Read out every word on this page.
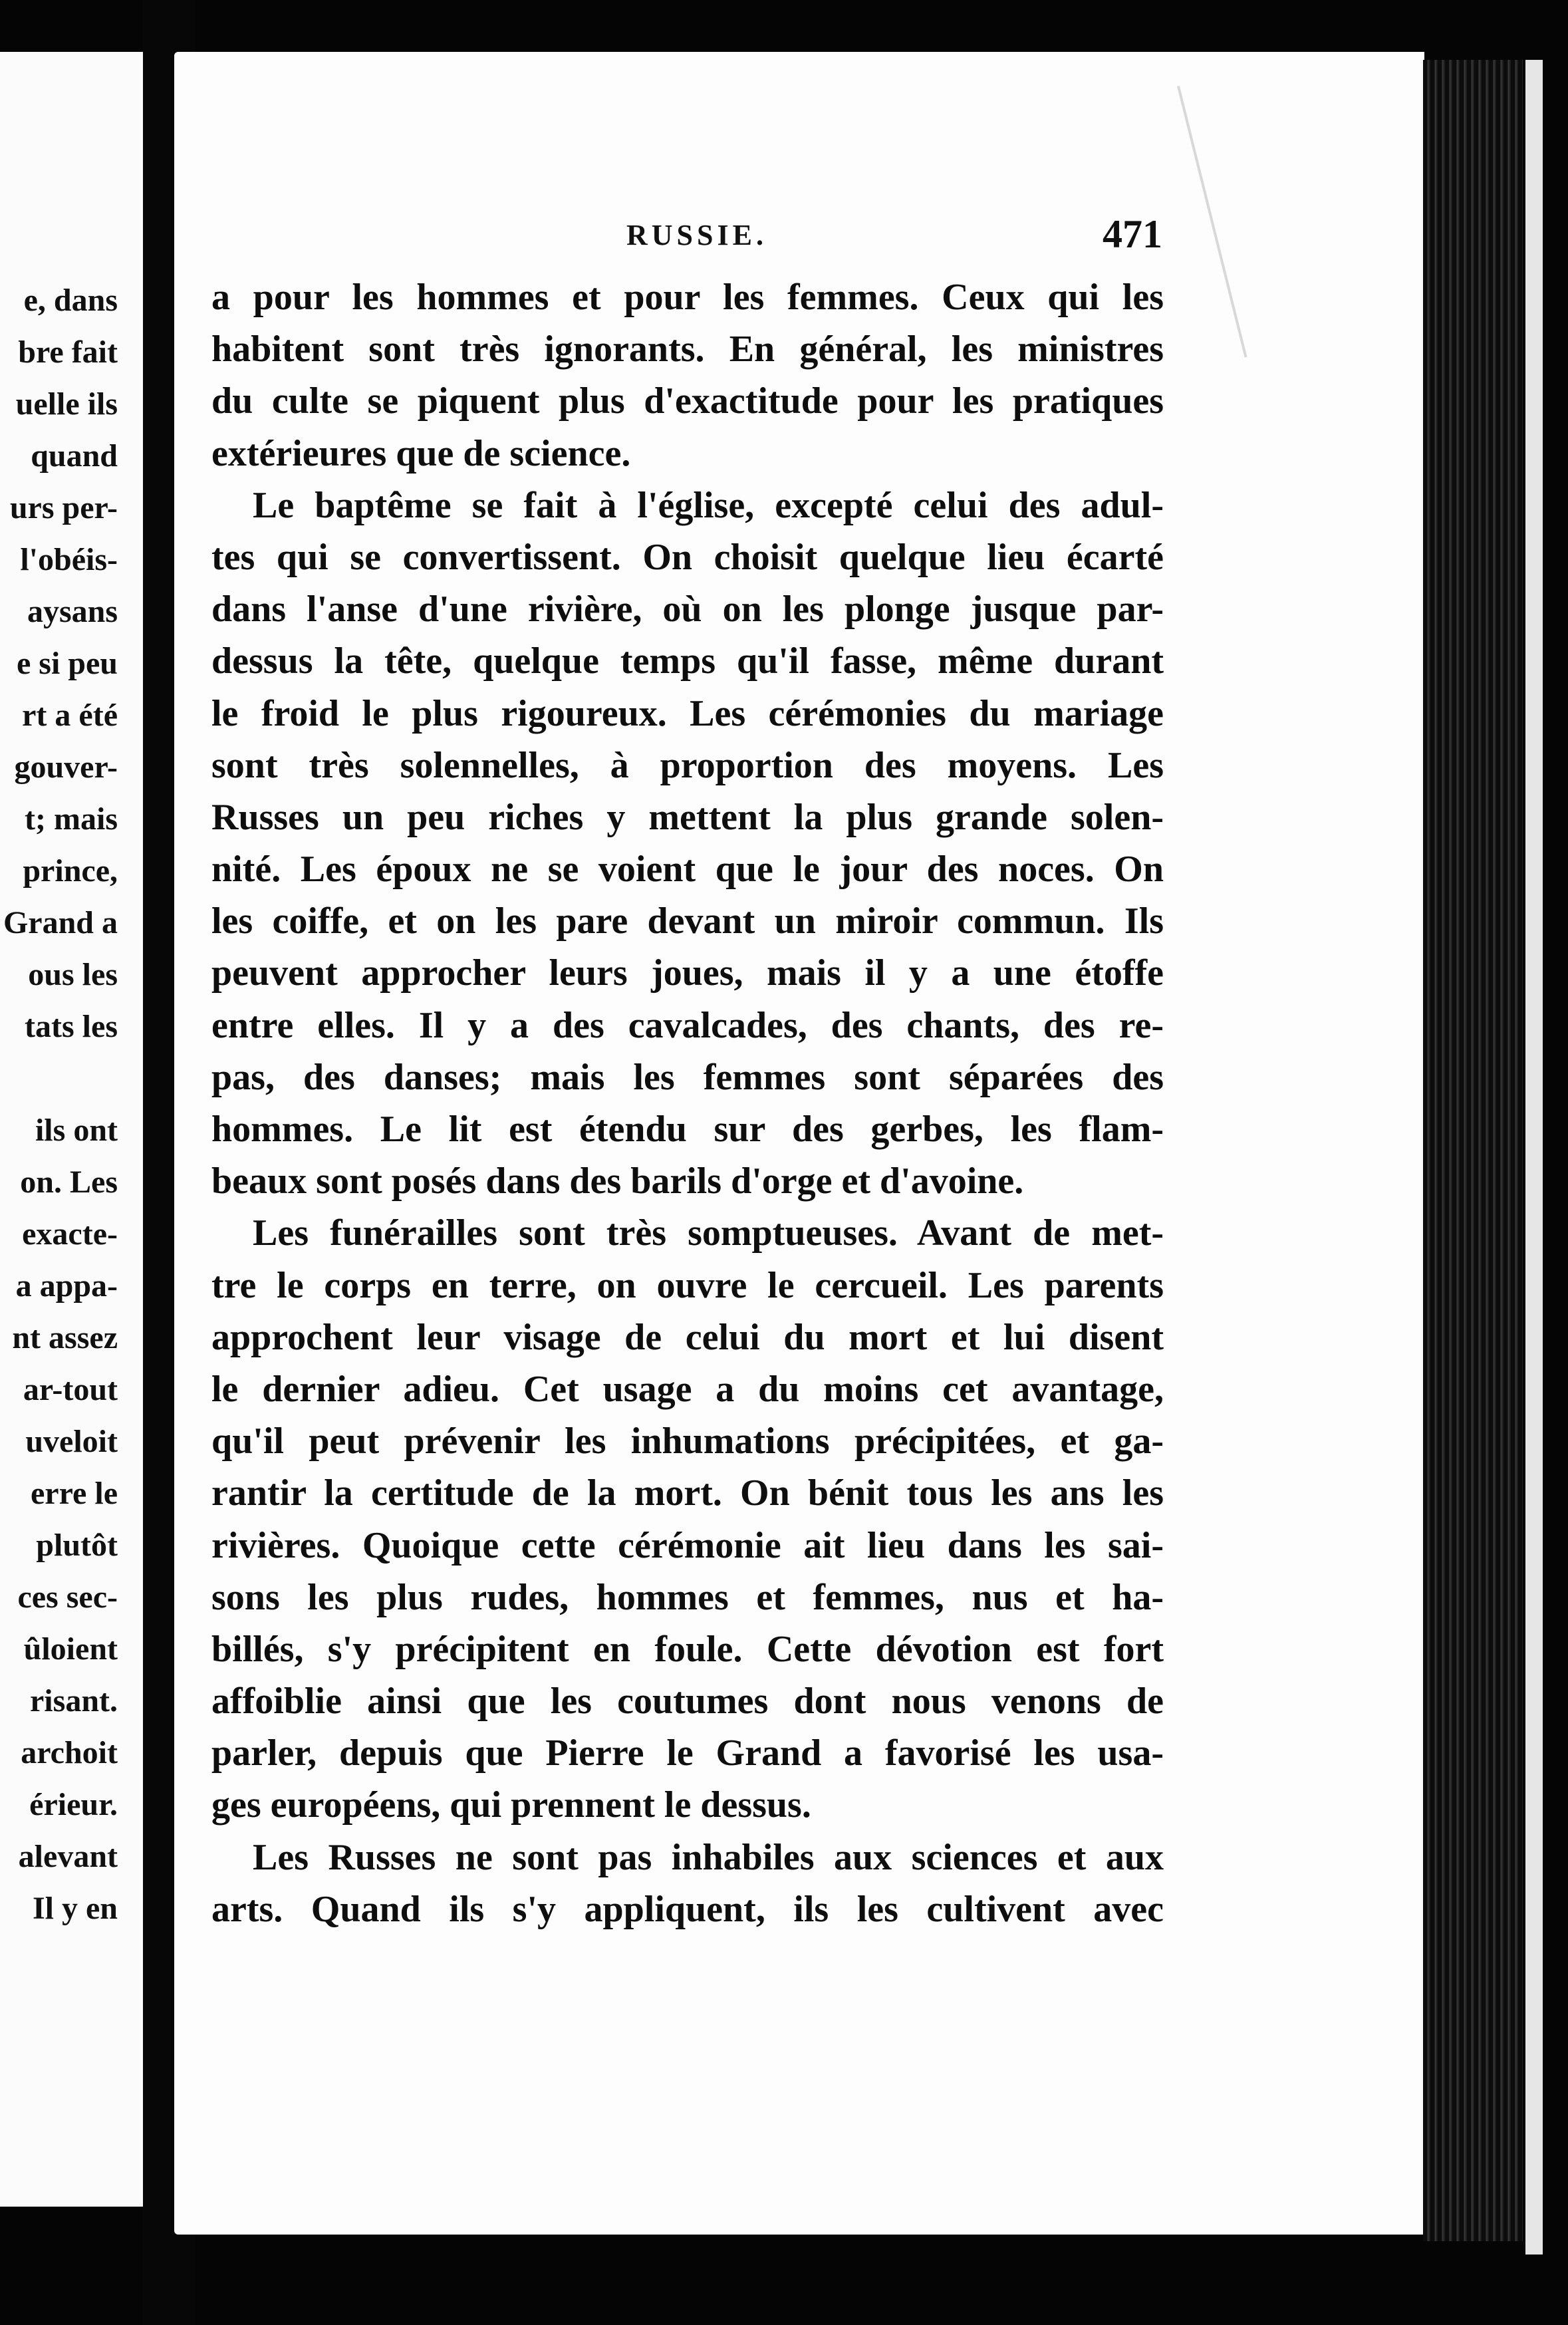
e, dans
bre fait
uelle ils
quand
urs per-
l'obéis-
aysans
e si peu
rt a été
gouver-
t; mais
prince,
Grand a
ous les
tats les
ils ont
on. Les
exacte-
a appa-
nt assez
ar-tout
uveloit
erre le
plutôt
ces sec-
ûloient
risant.
archoit
érieur.
alevant
Il y en
RUSSIE.	471
a pour les hommes et pour les femmes. Ceux qui les
habitent sont très ignorants. En général, les ministres
du culte se piquent plus d'exactitude pour les pratiques
extérieures que de science.
Le baptême se fait à l'église, excepté celui des adul-
tes qui se convertissent. On choisit quelque lieu écarté
dans l'anse d'une rivière, où on les plonge jusque par-
dessus la tête, quelque temps qu'il fasse, même durant
le froid le plus rigoureux. Les cérémonies du mariage
sont très solennelles, à proportion des moyens. Les
Russes un peu riches y mettent la plus grande solen-
nité. Les époux ne se voient que le jour des noces. On
les coiffe, et on les pare devant un miroir commun. Ils
peuvent approcher leurs joues, mais il y a une étoffe
entre elles. Il y a des cavalcades, des chants, des re-
pas, des danses; mais les femmes sont séparées des
hommes. Le lit est étendu sur des gerbes, les flam-
beaux sont posés dans des barils d'orge et d'avoine.
Les funérailles sont très somptueuses. Avant de met-
tre le corps en terre, on ouvre le cercueil. Les parents
approchent leur visage de celui du mort et lui disent
le dernier adieu. Cet usage a du moins cet avantage,
qu'il peut prévenir les inhumations précipitées, et ga-
rantir la certitude de la mort. On bénit tous les ans les
rivières. Quoique cette cérémonie ait lieu dans les sai-
sons les plus rudes, hommes et femmes, nus et ha-
billés, s'y précipitent en foule. Cette dévotion est fort
affoiblie ainsi que les coutumes dont nous venons de
parler, depuis que Pierre le Grand a favorisé les usa-
ges européens, qui prennent le dessus.
Les Russes ne sont pas inhabiles aux sciences et aux
arts. Quand ils s'y appliquent, ils les cultivent avec
